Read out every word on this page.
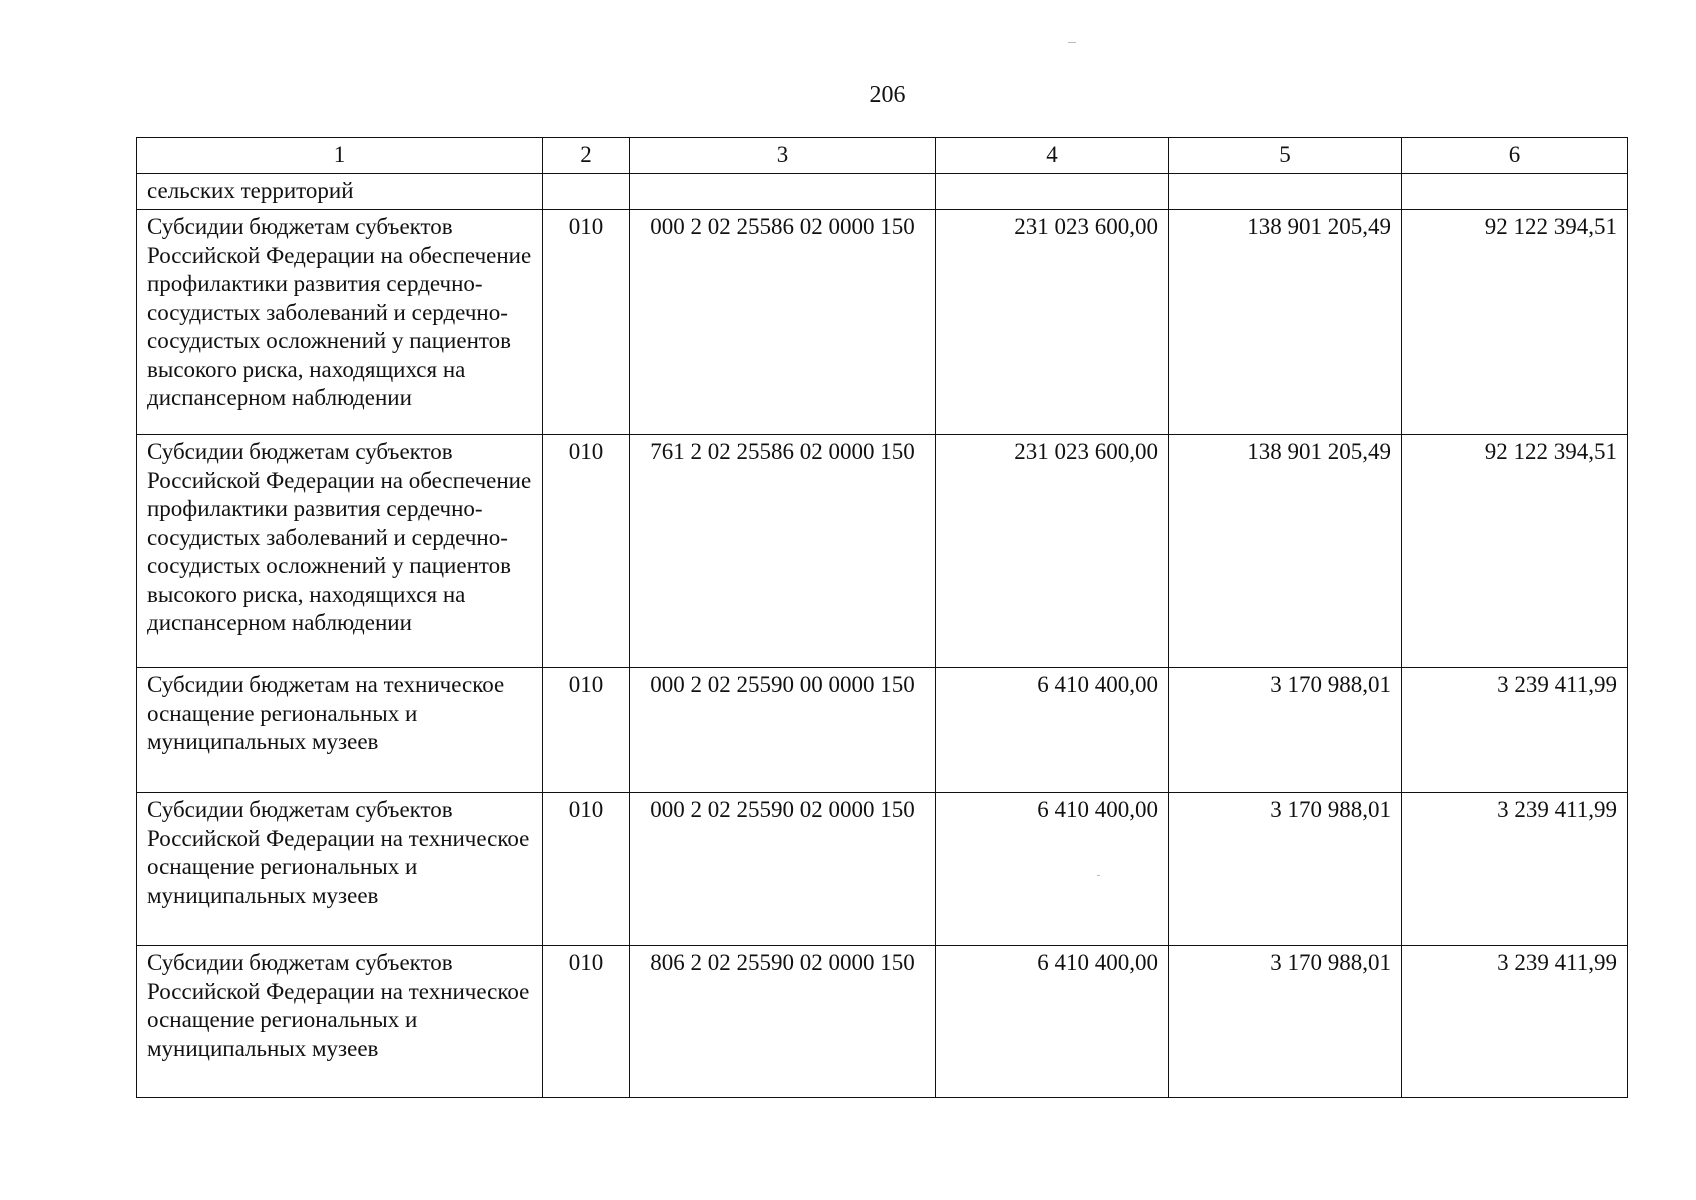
206
1	2	3	4	5	6
сельских территорий					
Субсидии бюджетам субъектов Российской Федерации на обеспечение профилактики развития сердечно-сосудистых заболеваний и сердечно-сосудистых осложнений у пациентов высокого риска, находящихся на диспансерном наблюдении	010	000 2 02 25586 02 0000 150	231 023 600,00	138 901 205,49	92 122 394,51
Субсидии бюджетам субъектов Российской Федерации на обеспечение профилактики развития сердечно-сосудистых заболеваний и сердечно-сосудистых осложнений у пациентов высокого риска, находящихся на диспансерном наблюдении	010	761 2 02 25586 02 0000 150	231 023 600,00	138 901 205,49	92 122 394,51
Субсидии бюджетам на техническое оснащение региональных и муниципальных музеев	010	000 2 02 25590 00 0000 150	6 410 400,00	3 170 988,01	3 239 411,99
Субсидии бюджетам субъектов Российской Федерации на техническое оснащение региональных и муниципальных музеев	010	000 2 02 25590 02 0000 150	6 410 400,00	3 170 988,01	3 239 411,99
Субсидии бюджетам субъектов Российской Федерации на техническое оснащение региональных и муниципальных музеев	010	806 2 02 25590 02 0000 150	6 410 400,00	3 170 988,01	3 239 411,99
